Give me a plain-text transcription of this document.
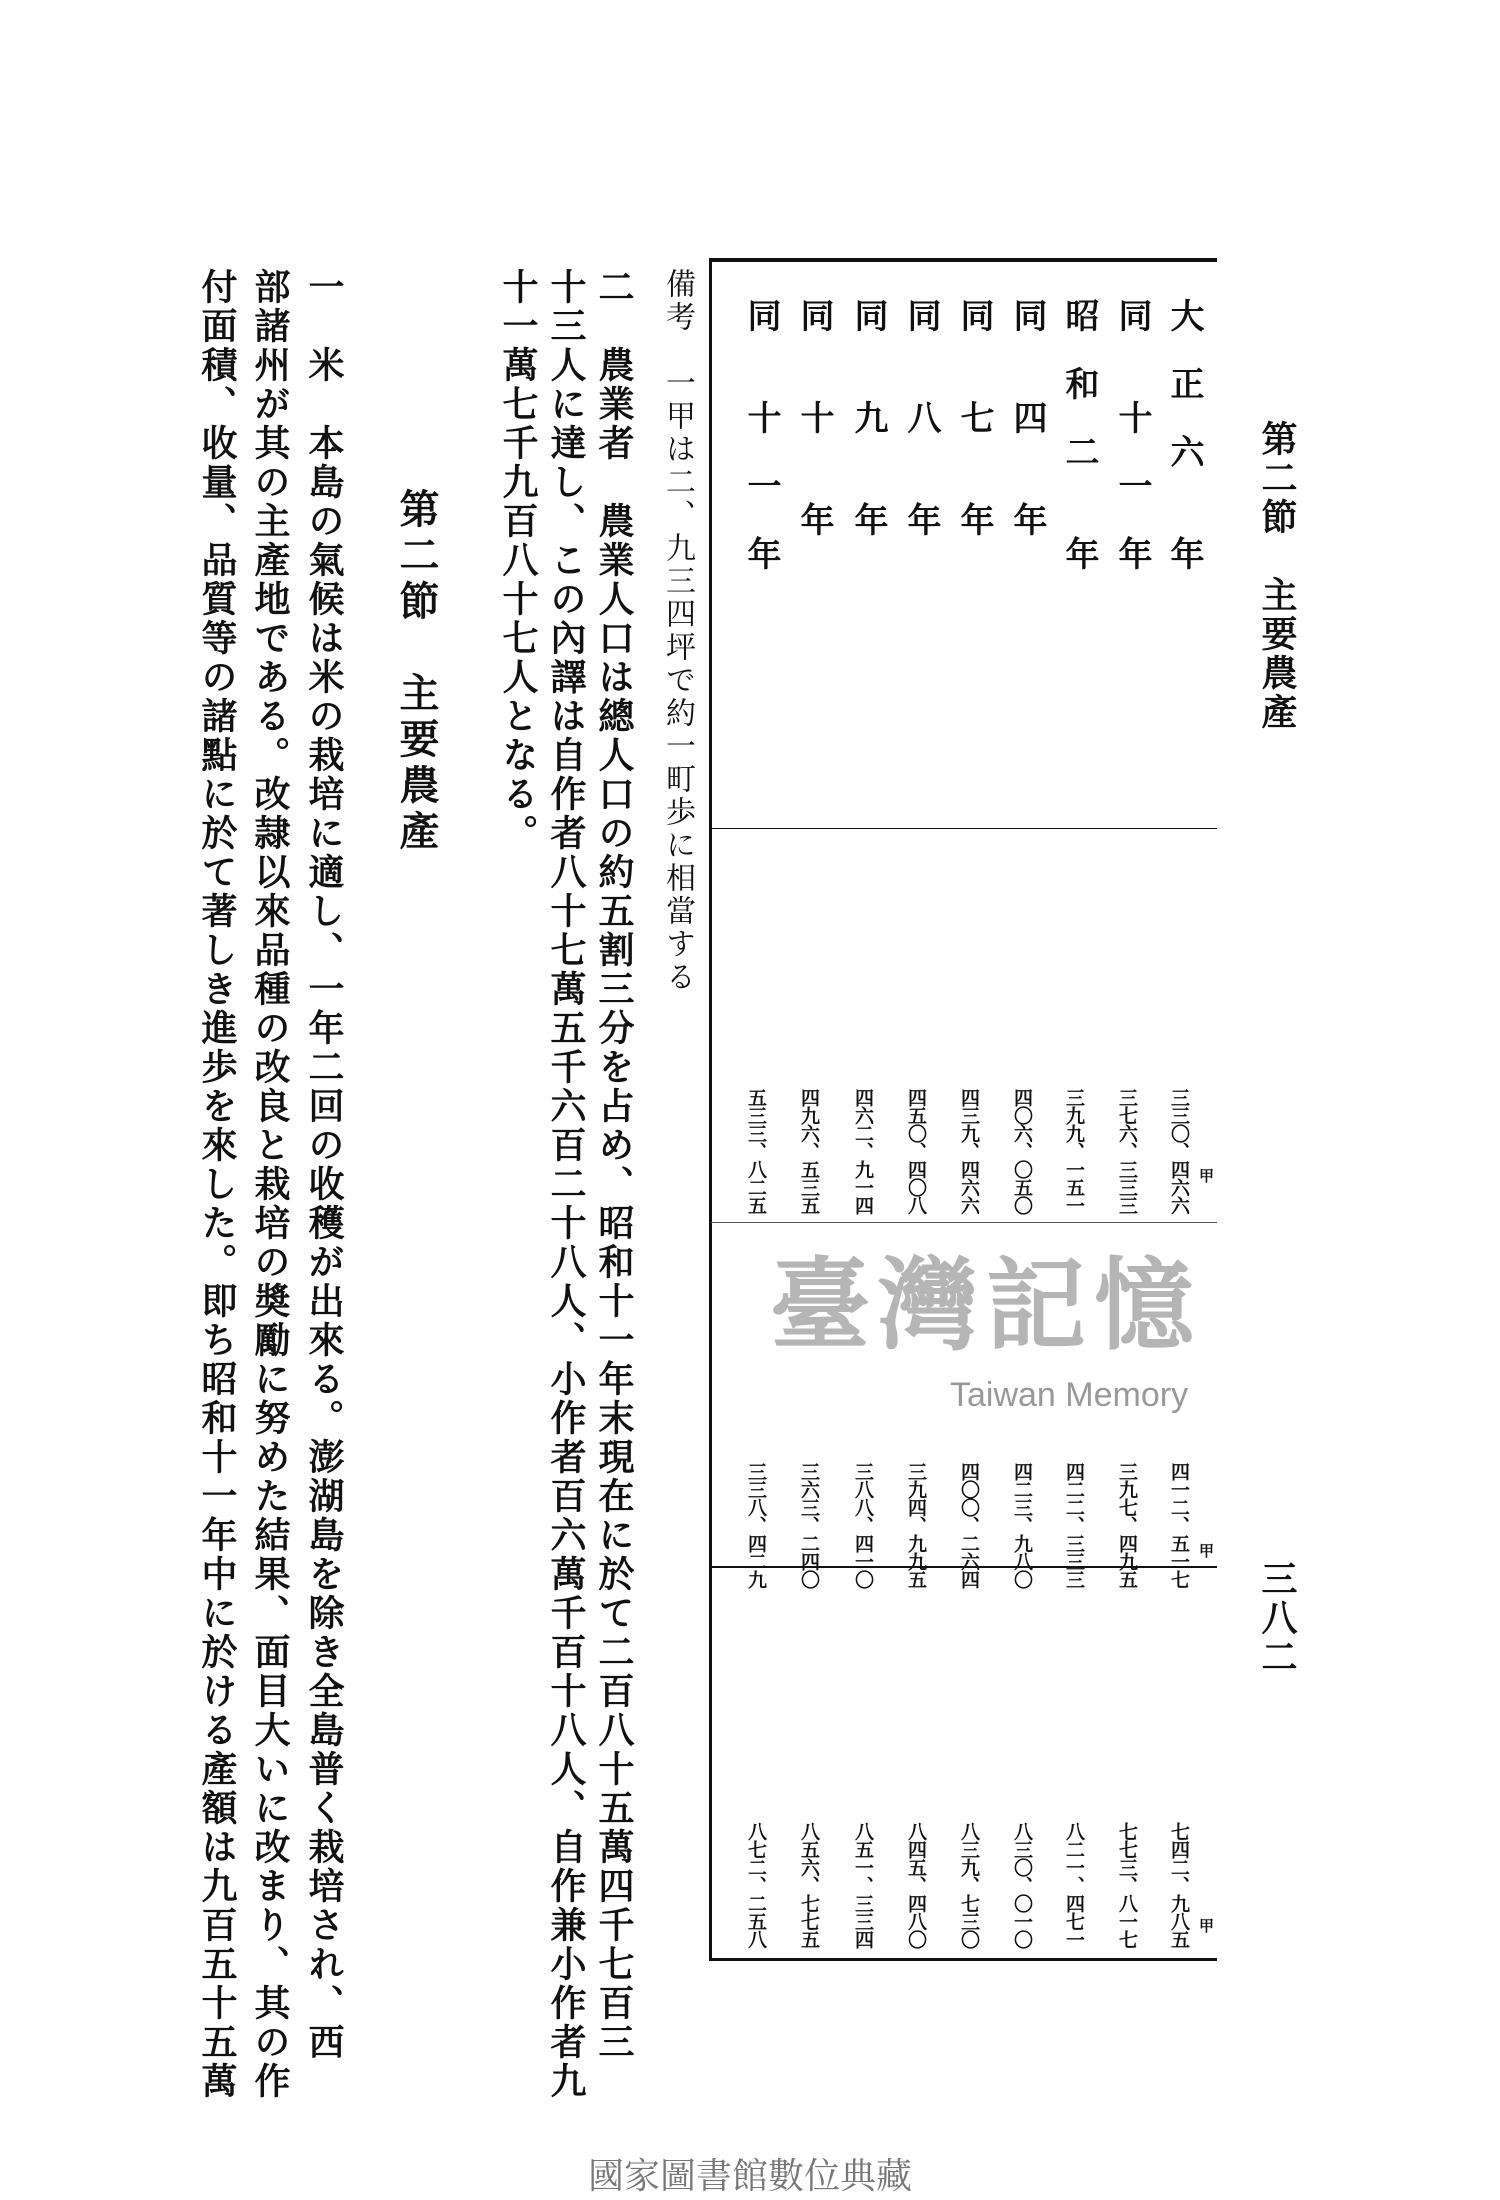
第二節　主要農產
三八二
大　正　六　　年
三三〇、四六六
四一二、五一七
七四二、九八五
同　　十　一　年
三七六、三三三
三九七、四九五
七七三、八一七
昭　和　二　　年
三九九、一五一
四二二、三三三
八二一、四七一
同　　四　　年
四〇六、〇五〇
四二三、九八〇
八三〇、〇一〇
同　　七　　年
四三九、四六六
四〇〇、二六四
八三九、七三〇
同　　八　　年
四五〇、四〇八
三九四、九九五
八四五、四八〇
同　　九　　年
四六二、九一四
三八八、四一〇
八五一、三三四
同　　十　　年
四九六、五三五
三六三、二四〇
八五六、七七五
同　　十　一　年
五三三、八二五
三三八、四二九
八七二、二五八
甲
甲
甲
備考　一甲は二、九三四坪で約一町歩に相當する
二　農業者　農業人口は總人口の約五割三分を占め、昭和十一年末現在に於て二百八十五萬四千七百三
十三人に達し、この內譯は自作者八十七萬五千六百二十八人、小作者百六萬千百十八人、自作兼小作者九
十一萬七千九百八十七人となる。
第二節　主要農產
一　米　本島の氣候は米の栽培に適し、一年二回の收穫が出來る。澎湖島を除き全島普く栽培され、西
部諸州が其の主產地である。改隷以來品種の改良と栽培の奬勵に努めた結果、面目大いに改まり、其の作
付面積、收量、品質等の諸點に於て著しき進歩を來した。即ち昭和十一年中に於ける產額は九百五十五萬	臺灣記憶
Taiwan Memory
國家圖書館數位典藏
